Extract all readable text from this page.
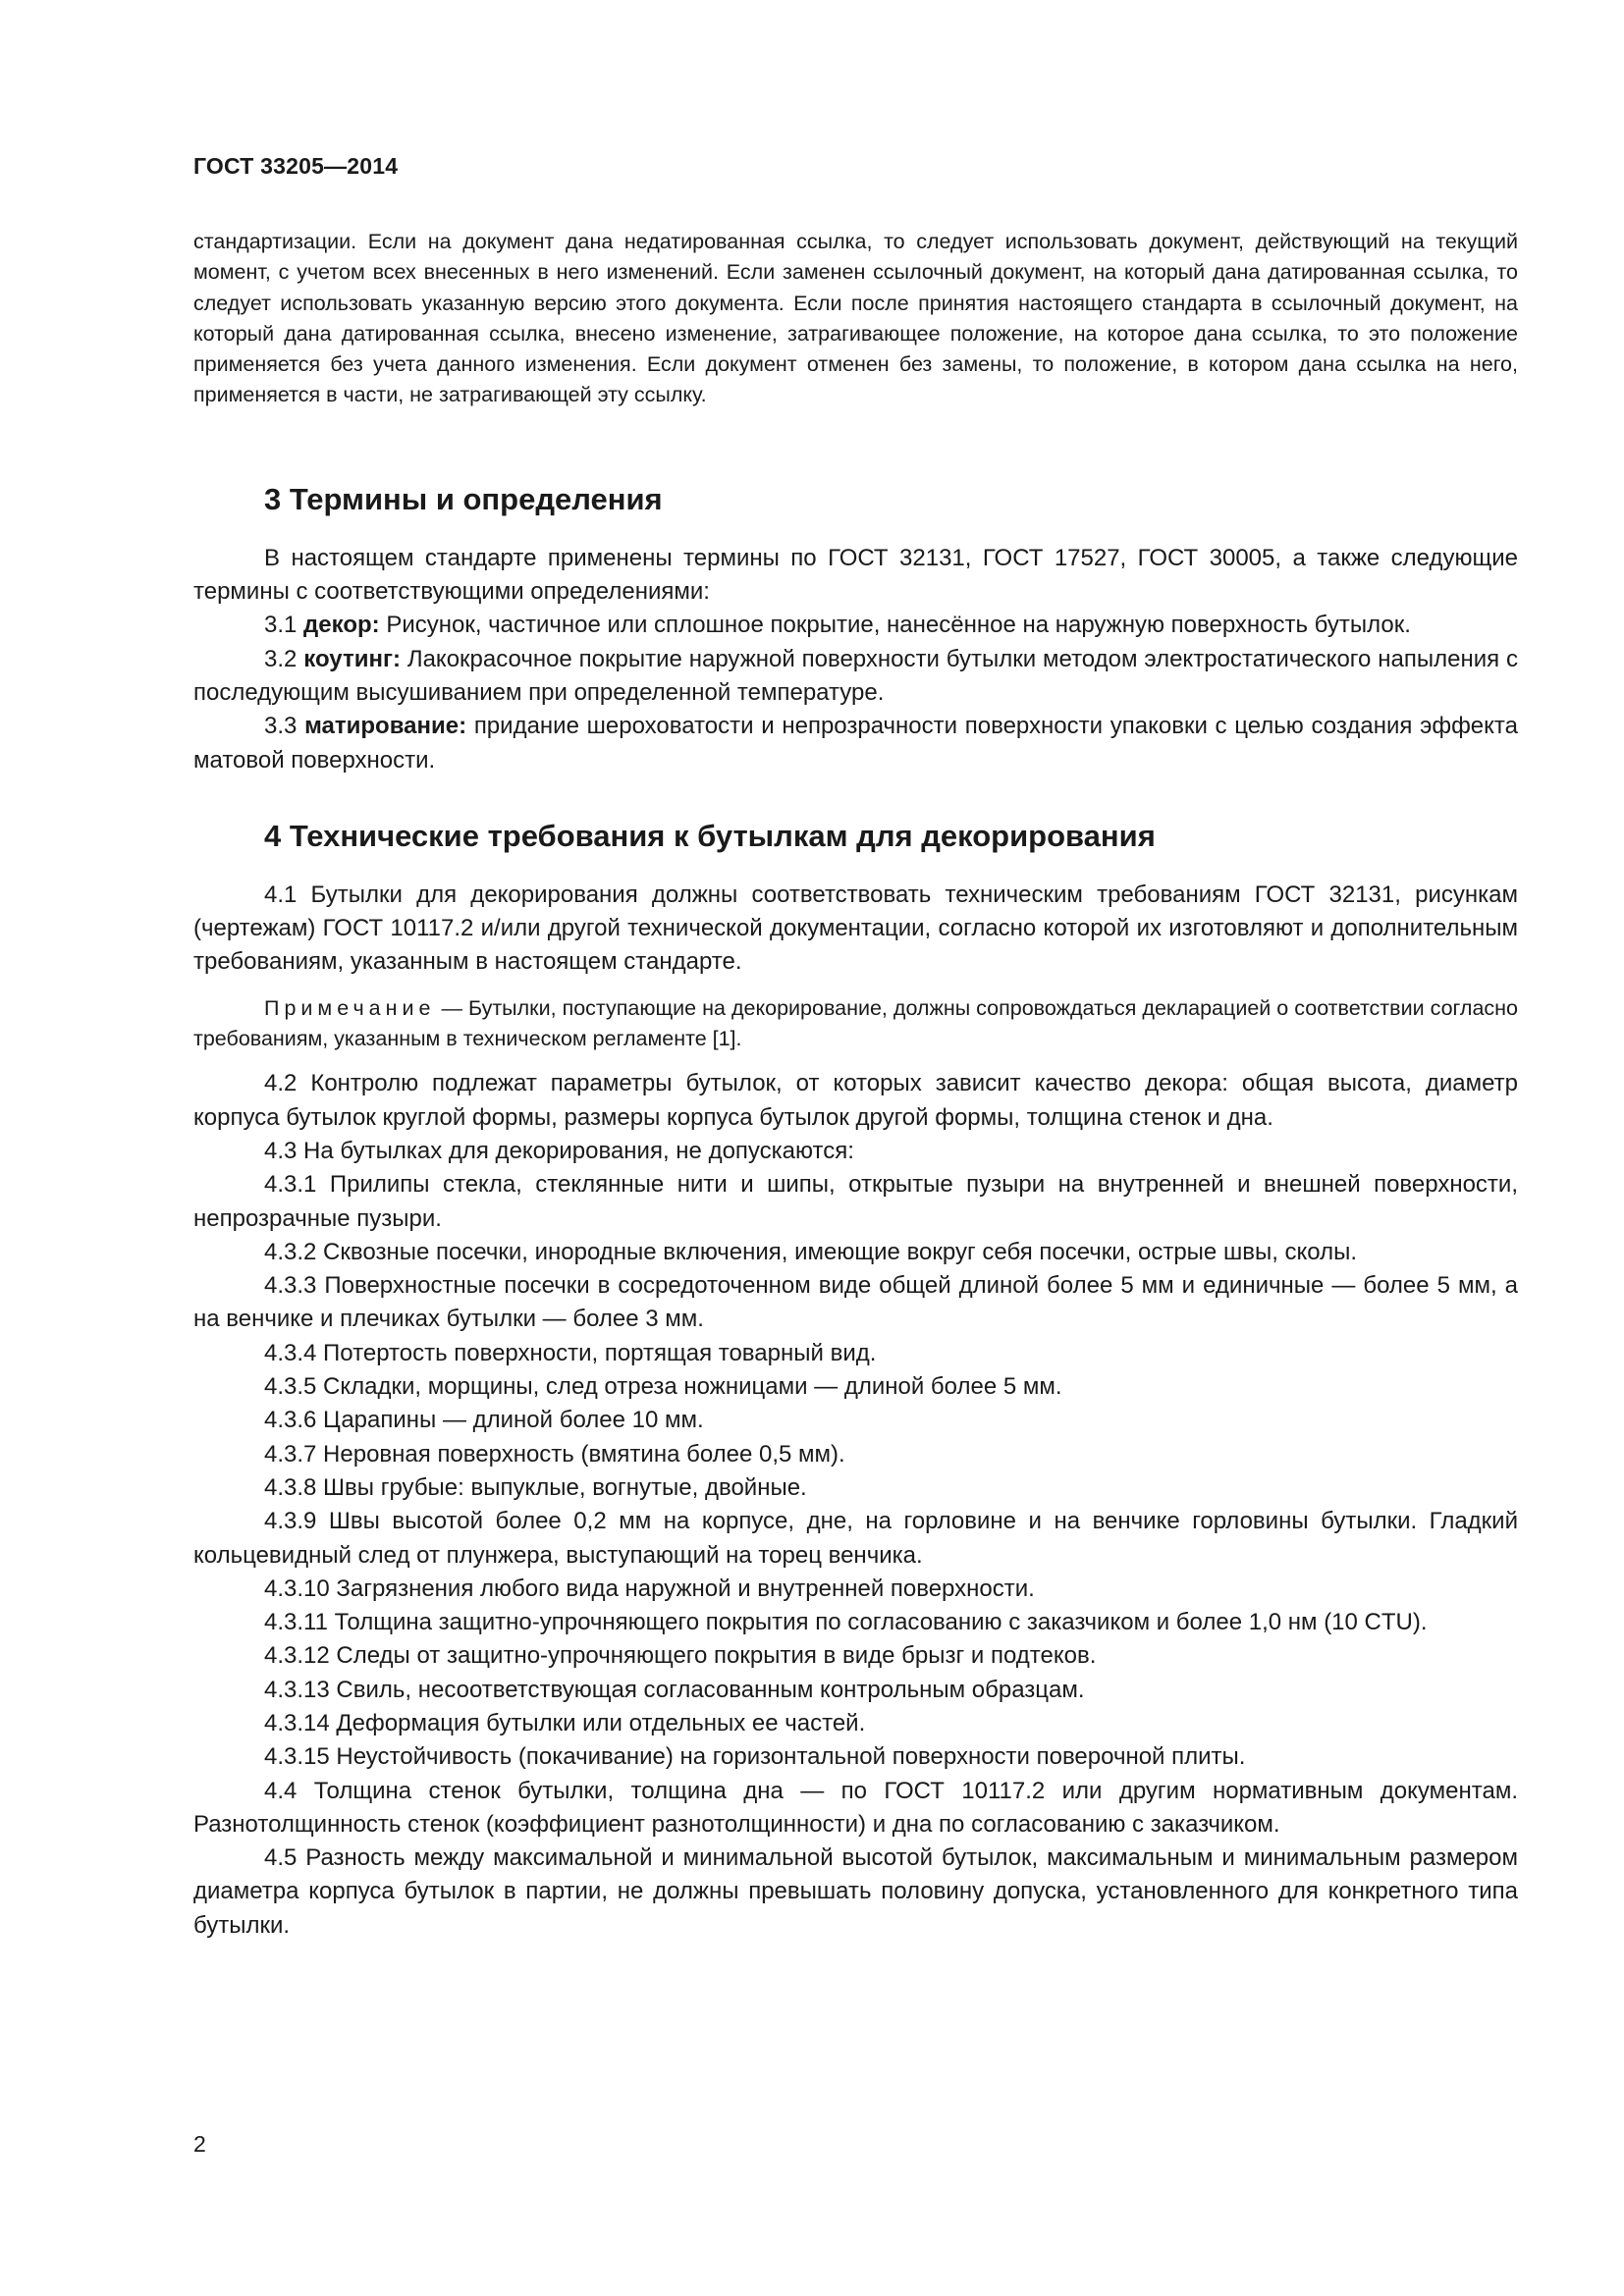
ГОСТ 33205—2014

стандартизации. Если на документ дана недатированная ссылка, то следует использовать документ, действующий на текущий момент, с учетом всех внесенных в него изменений. Если заменен ссылочный документ, на который дана датированная ссылка, то следует использовать указанную версию этого документа. Если после принятия настоящего стандарта в ссылочный документ, на который дана датированная ссылка, внесено изменение, затрагивающее положение, на которое дана ссылка, то это положение применяется без учета данного изменения. Если документ отменен без замены, то положение, в котором дана ссылка на него, применяется в части, не затрагивающей эту ссылку.

3 Термины и определения

В настоящем стандарте применены термины по ГОСТ 32131, ГОСТ 17527, ГОСТ 30005, а также следующие термины с соответствующими определениями:

3.1 декор: Рисунок, частичное или сплошное покрытие, нанесённое на наружную поверхность бутылок.

3.2 коутинг: Лакокрасочное покрытие наружной поверхности бутылки методом электростатического напыления с последующим высушиванием при определенной температуре.

3.3 матирование: придание шероховатости и непрозрачности поверхности упаковки с целью создания эффекта матовой поверхности.

4 Технические требования к бутылкам для декорирования

4.1 Бутылки для декорирования должны соответствовать техническим требованиям ГОСТ 32131, рисункам (чертежам) ГОСТ 10117.2 и/или другой технической документации, согласно которой их изготовляют и дополнительным требованиям, указанным в настоящем стандарте.

Примечание — Бутылки, поступающие на декорирование, должны сопровождаться декларацией о соответствии согласно требованиям, указанным в техническом регламенте [1].

4.2 Контролю подлежат параметры бутылок, от которых зависит качество декора: общая высота, диаметр корпуса бутылок круглой формы, размеры корпуса бутылок другой формы, толщина стенок и дна.

4.3 На бутылках для декорирования, не допускаются:

4.3.1 Прилипы стекла, стеклянные нити и шипы, открытые пузыри на внутренней и внешней поверхности, непрозрачные пузыри.

4.3.2 Сквозные посечки, инородные включения, имеющие вокруг себя посечки, острые швы, сколы.

4.3.3 Поверхностные посечки в сосредоточенном виде общей длиной более 5 мм и единичные — более 5 мм, а на венчике и плечиках бутылки — более 3 мм.

4.3.4 Потертость поверхности, портящая товарный вид.

4.3.5 Складки, морщины, след отреза ножницами — длиной более 5 мм.

4.3.6 Царапины — длиной более 10 мм.

4.3.7 Неровная поверхность (вмятина более 0,5 мм).

4.3.8 Швы грубые: выпуклые, вогнутые, двойные.

4.3.9 Швы высотой более 0,2 мм на корпусе, дне, на горловине и на венчике горловины бутылки. Гладкий кольцевидный след от плунжера, выступающий на торец венчика.

4.3.10 Загрязнения любого вида наружной и внутренней поверхности.

4.3.11 Толщина защитно-упрочняющего покрытия по согласованию с заказчиком и более 1,0 нм (10 CTU).

4.3.12 Следы от защитно-упрочняющего покрытия в виде брызг и подтеков.

4.3.13 Свиль, несоответствующая согласованным контрольным образцам.

4.3.14 Деформация бутылки или отдельных ее частей.

4.3.15 Неустойчивость (покачивание) на горизонтальной поверхности поверочной плиты.

4.4 Толщина стенок бутылки, толщина дна — по ГОСТ 10117.2 или другим нормативным документам. Разнотолщинность стенок (коэффициент разнотолщинности) и дна по согласованию с заказчиком.

4.5 Разность между максимальной и минимальной высотой бутылок, максимальным и минимальным размером диаметра корпуса бутылок в партии, не должны превышать половину допуска, установленного для конкретного типа бутылки.

2
